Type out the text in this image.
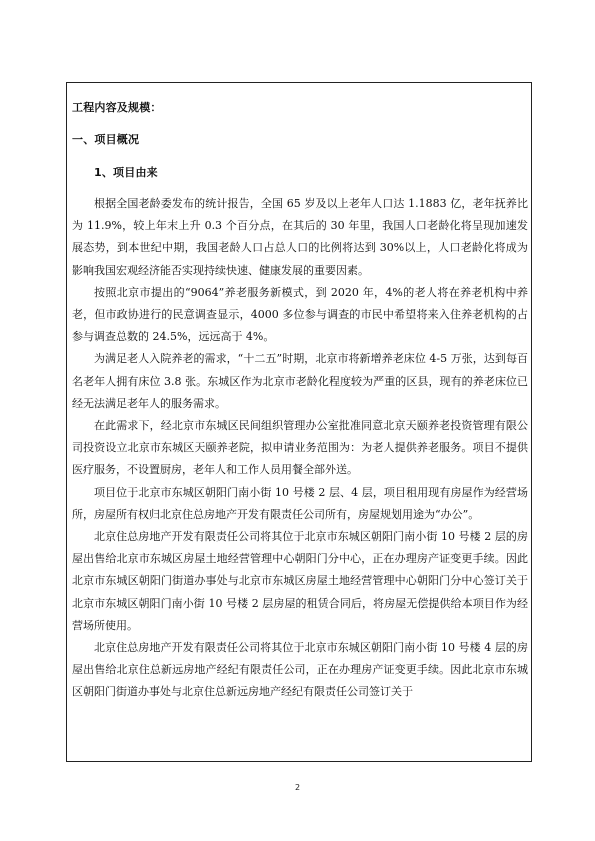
工程内容及规模：
一、项目概况
1、项目由来

根据全国老龄委发布的统计报告，全国 65 岁及以上老年人口达 1.1883 亿，老年抚养比为 11.9%，较上年末上升 0.3 个百分点，在其后的 30 年里，我国人口老龄化将呈现加速发展态势，到本世纪中期，我国老龄人口占总人口的比例将达到 30%以上，人口老龄化将成为影响我国宏观经济能否实现持续快速、健康发展的重要因素。

按照北京市提出的“9064”养老服务新模式，到 2020 年，4%的老人将在养老机构中养老，但市政协进行的民意调查显示，4000 多位参与调查的市民中希望将来入住养老机构的占参与调查总数的 24.5%，远远高于 4%。

为满足老人入院养老的需求，“十二五”时期，北京市将新增养老床位 4-5 万张，达到每百名老年人拥有床位 3.8 张。东城区作为北京市老龄化程度较为严重的区县，现有的养老床位已经无法满足老年人的服务需求。

在此需求下，经北京市东城区民间组织管理办公室批准同意北京天颐养老投资管理有限公司投资设立北京市东城区天颐养老院，拟申请业务范围为：为老人提供养老服务。项目不提供医疗服务，不设置厨房，老年人和工作人员用餐全部外送。

项目位于北京市东城区朝阳门南小街 10 号楼 2 层、4 层，项目租用现有房屋作为经营场所，房屋所有权归北京住总房地产开发有限责任公司所有，房屋规划用途为“办公”。

北京住总房地产开发有限责任公司将其位于北京市东城区朝阳门南小街 10 号楼 2 层的房屋出售给北京市东城区房屋土地经营管理中心朝阳门分中心，正在办理房产证变更手续。因此北京市东城区朝阳门街道办事处与北京市东城区房屋土地经营管理中心朝阳门分中心签订关于北京市东城区朝阳门南小街 10 号楼 2 层房屋的租赁合同后，将房屋无偿提供给本项目作为经营场所使用。

北京住总房地产开发有限责任公司将其位于北京市东城区朝阳门南小街 10 号楼 4 层的房屋出售给北京住总新远房地产经纪有限责任公司，正在办理房产证变更手续。因此北京市东城区朝阳门街道办事处与北京住总新远房地产经纪有限责任公司签订关于

2
